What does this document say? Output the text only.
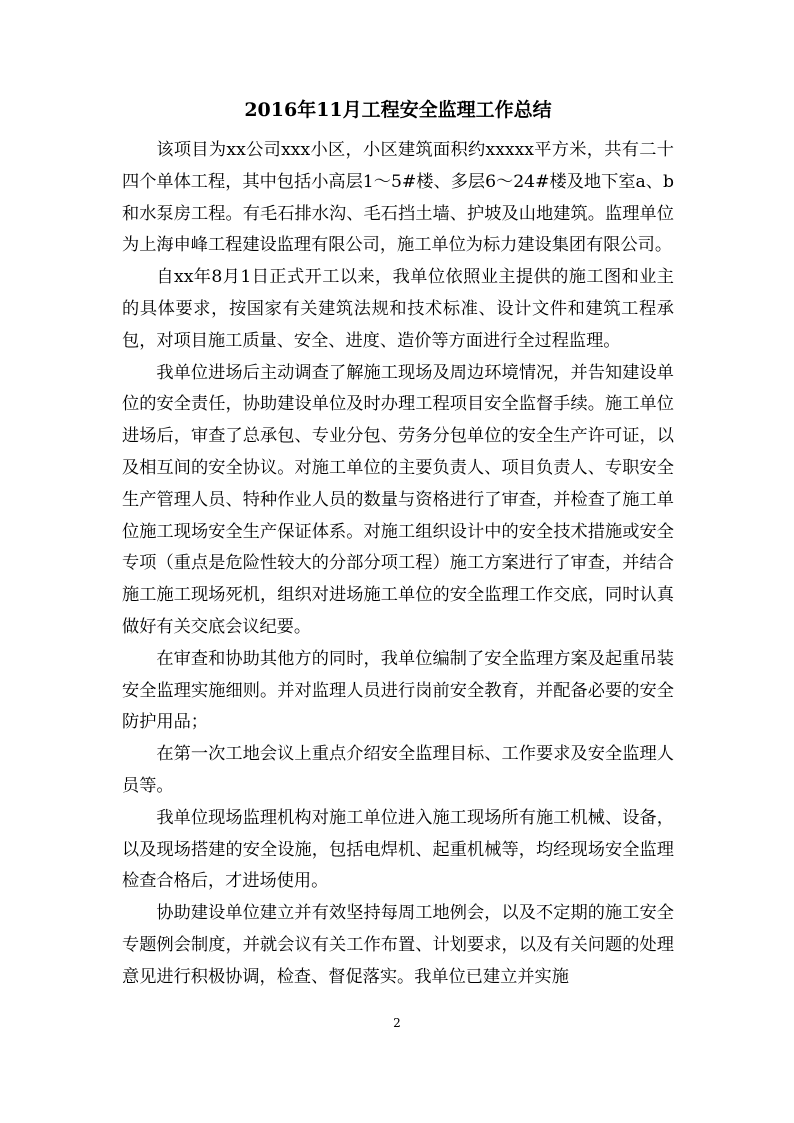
2016年11月工程安全监理工作总结

该项目为xx公司xxx小区，小区建筑面积约xxxxx平方米，共有二十四个单体工程，其中包括小高层1～5#楼、多层6～24#楼及地下室a、b和水泵房工程。有毛石排水沟、毛石挡土墙、护坡及山地建筑。监理单位为上海申峰工程建设监理有限公司，施工单位为标力建设集团有限公司。

自xx年8月1日正式开工以来，我单位依照业主提供的施工图和业主的具体要求，按国家有关建筑法规和技术标准、设计文件和建筑工程承包，对项目施工质量、安全、进度、造价等方面进行全过程监理。

我单位进场后主动调查了解施工现场及周边环境情况，并告知建设单位的安全责任，协助建设单位及时办理工程项目安全监督手续。施工单位进场后，审查了总承包、专业分包、劳务分包单位的安全生产许可证，以及相互间的安全协议。对施工单位的主要负责人、项目负责人、专职安全生产管理人员、特种作业人员的数量与资格进行了审查，并检查了施工单位施工现场安全生产保证体系。对施工组织设计中的安全技术措施或安全专项（重点是危险性较大的分部分项工程）施工方案进行了审查，并结合施工施工现场死机，组织对进场施工单位的安全监理工作交底，同时认真做好有关交底会议纪要。

在审查和协助其他方的同时，我单位编制了安全监理方案及起重吊装安全监理实施细则。并对监理人员进行岗前安全教育，并配备必要的安全防护用品；

在第一次工地会议上重点介绍安全监理目标、工作要求及安全监理人员等。

我单位现场监理机构对施工单位进入施工现场所有施工机械、设备，以及现场搭建的安全设施，包括电焊机、起重机械等，均经现场安全监理检查合格后，才进场使用。

协助建设单位建立并有效坚持每周工地例会，以及不定期的施工安全专题例会制度，并就会议有关工作布置、计划要求，以及有关问题的处理意见进行积极协调，检查、督促落实。我单位已建立并实施

2
